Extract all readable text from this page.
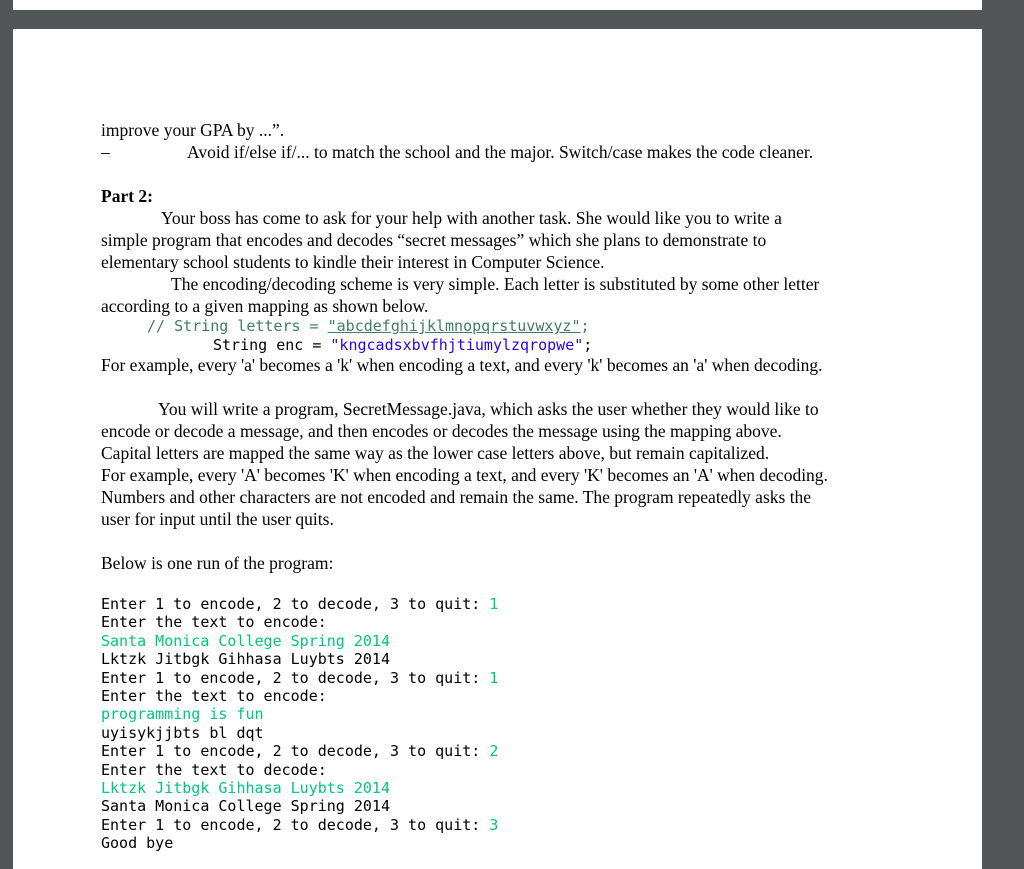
improve your GPA by ...”.
–	Avoid if/else if/... to match the school and the major. Switch/case makes the code cleaner.
Part 2:
Your boss has come to ask for your help with another task. She would like you to write a
simple program that encodes and decodes “secret messages” which she plans to demonstrate to
elementary school students to kindle their interest in Computer Science.
The encoding/decoding scheme is very simple. Each letter is substituted by some other letter
according to a given mapping as shown below.
// String letters = "abcdefghijklmnopqrstuvwxyz";
String enc = "kngcadsxbvfhjtiumylzqropwe";
For example, every 'a' becomes a 'k' when encoding a text, and every 'k' becomes an 'a' when decoding.
You will write a program, SecretMessage.java, which asks the user whether they would like to
encode or decode a message, and then encodes or decodes the message using the mapping above.
Capital letters are mapped the same way as the lower case letters above, but remain capitalized.
For example, every 'A' becomes 'K' when encoding a text, and every 'K' becomes an 'A' when decoding.
Numbers and other characters are not encoded and remain the same. The program repeatedly asks the
user for input until the user quits.
Below is one run of the program:
Enter 1 to encode, 2 to decode, 3 to quit: 1
Enter the text to encode:
Santa Monica College Spring 2014
Lktzk Jitbgk Gihhasa Luybts 2014
Enter 1 to encode, 2 to decode, 3 to quit: 1
Enter the text to encode:
programming is fun
uyisykjjbts bl dqt
Enter 1 to encode, 2 to decode, 3 to quit: 2
Enter the text to decode:
Lktzk Jitbgk Gihhasa Luybts 2014
Santa Monica College Spring 2014
Enter 1 to encode, 2 to decode, 3 to quit: 3
Good bye
